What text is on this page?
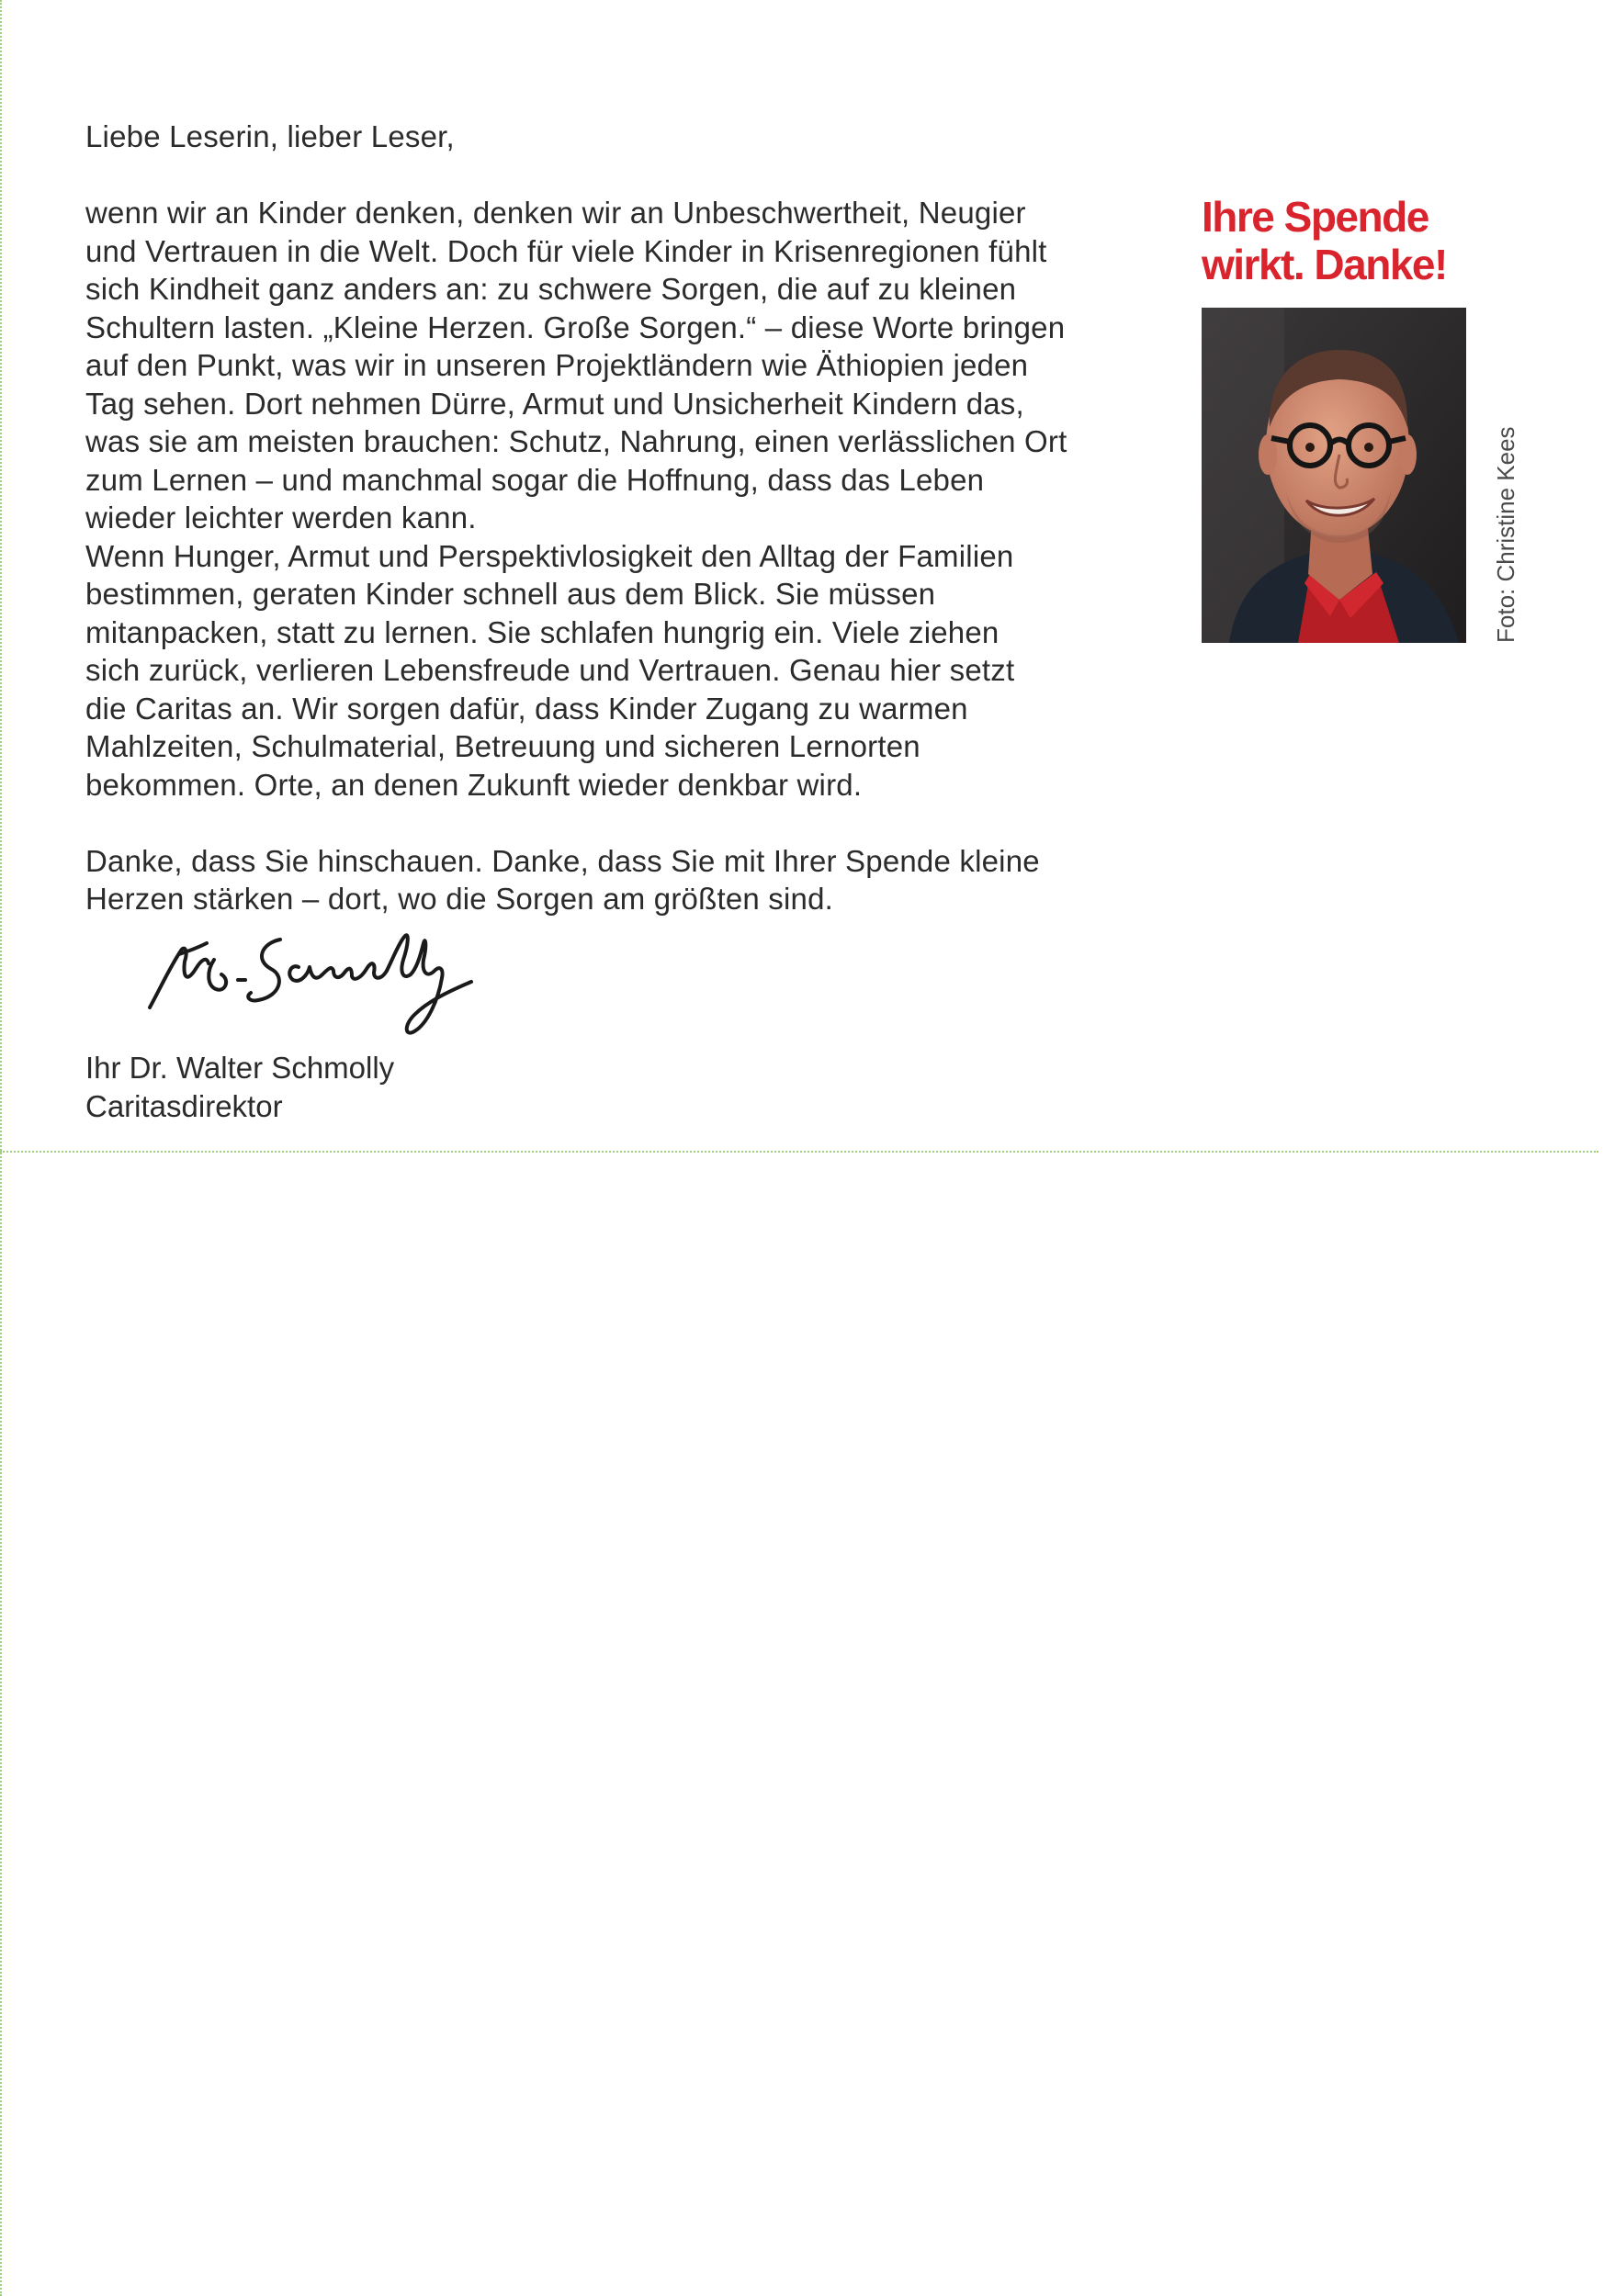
Liebe Leserin, lieber Leser,

wenn wir an Kinder denken, denken wir an Unbeschwertheit, Neugier
und Vertrauen in die Welt. Doch für viele Kinder in Krisenregionen fühlt
sich Kindheit ganz anders an: zu schwere Sorgen, die auf zu kleinen
Schultern lasten. „Kleine Herzen. Große Sorgen.“ – diese Worte bringen
auf den Punkt, was wir in unseren Projektländern wie Äthiopien jeden
Tag sehen. Dort nehmen Dürre, Armut und Unsicherheit Kindern das,
was sie am meisten brauchen: Schutz, Nahrung, einen verlässlichen Ort
zum Lernen – und manchmal sogar die Hoffnung, dass das Leben
wieder leichter werden kann.

Wenn Hunger, Armut und Perspektivlosigkeit den Alltag der Familien
bestimmen, geraten Kinder schnell aus dem Blick. Sie müssen
mitanpacken, statt zu lernen. Sie schlafen hungrig ein. Viele ziehen
sich zurück, verlieren Lebensfreude und Vertrauen. Genau hier setzt
die Caritas an. Wir sorgen dafür, dass Kinder Zugang zu warmen
Mahlzeiten, Schulmaterial, Betreuung und sicheren Lernorten
bekommen. Orte, an denen Zukunft wieder denkbar wird.

Danke, dass Sie hinschauen. Danke, dass Sie mit Ihrer Spende kleine
Herzen stärken – dort, wo die Sorgen am größten sind.

Ihr Dr. Walter Schmolly
Caritasdirektor
Ihre Spende
wirkt. Danke!
Foto: Christine Kees
